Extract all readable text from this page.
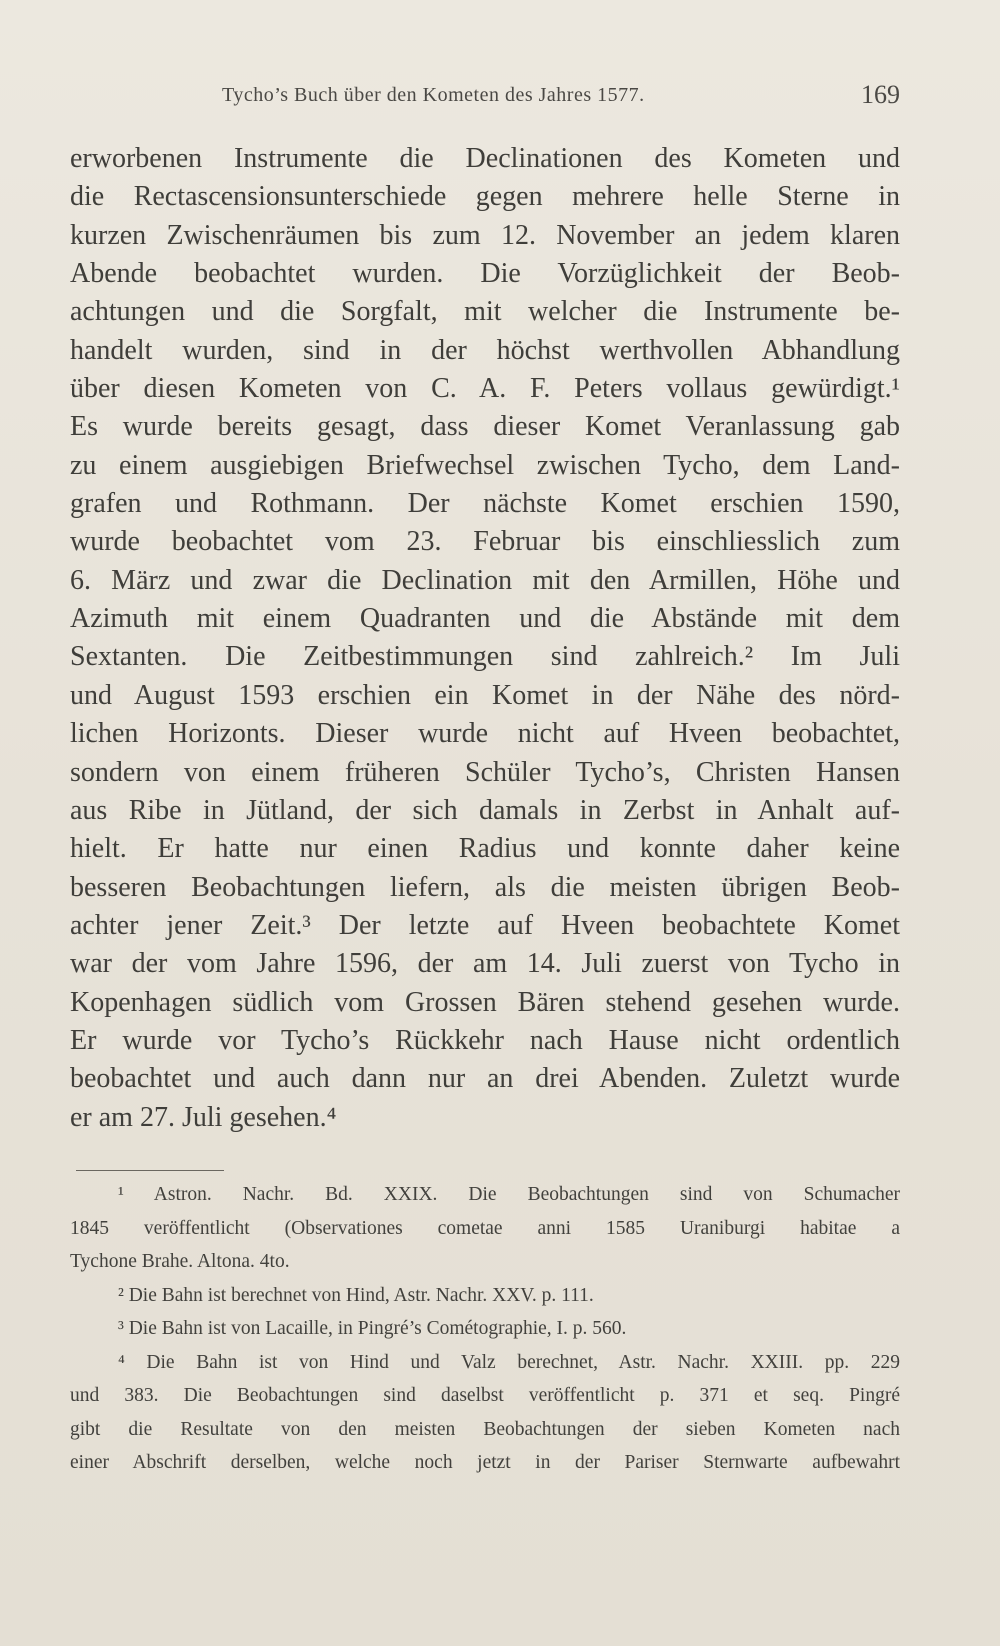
Tycho’s Buch über den Kometen des Jahres 1577.	169
erworbenen Instrumente die Declinationen des Kometen und
die Rectascensionsunterschiede gegen mehrere helle Sterne in
kurzen Zwischenräumen bis zum 12. November an jedem klaren
Abende beobachtet wurden. Die Vorzüglichkeit der Beob-
achtungen und die Sorgfalt, mit welcher die Instrumente be-
handelt wurden, sind in der höchst werthvollen Abhandlung
über diesen Kometen von C. A. F. Peters vollaus gewürdigt.¹
Es wurde bereits gesagt, dass dieser Komet Veranlassung gab
zu einem ausgiebigen Briefwechsel zwischen Tycho, dem Land-
grafen und Rothmann. Der nächste Komet erschien 1590,
wurde beobachtet vom 23. Februar bis einschliesslich zum
6. März und zwar die Declination mit den Armillen, Höhe und
Azimuth mit einem Quadranten und die Abstände mit dem
Sextanten. Die Zeitbestimmungen sind zahlreich.² Im Juli
und August 1593 erschien ein Komet in der Nähe des nörd-
lichen Horizonts. Dieser wurde nicht auf Hveen beobachtet,
sondern von einem früheren Schüler Tycho’s, Christen Hansen
aus Ribe in Jütland, der sich damals in Zerbst in Anhalt auf-
hielt. Er hatte nur einen Radius und konnte daher keine
besseren Beobachtungen liefern, als die meisten übrigen Beob-
achter jener Zeit.³ Der letzte auf Hveen beobachtete Komet
war der vom Jahre 1596, der am 14. Juli zuerst von Tycho in
Kopenhagen südlich vom Grossen Bären stehend gesehen wurde.
Er wurde vor Tycho’s Rückkehr nach Hause nicht ordentlich
beobachtet und auch dann nur an drei Abenden. Zuletzt wurde
er am 27. Juli gesehen.⁴
¹ Astron. Nachr. Bd. XXIX. Die Beobachtungen sind von Schumacher
1845 veröffentlicht (Observationes cometae anni 1585 Uraniburgi habitae a
Tychone Brahe. Altona. 4to.
² Die Bahn ist berechnet von Hind, Astr. Nachr. XXV. p. 111.
³ Die Bahn ist von Lacaille, in Pingré’s Cométographie, I. p. 560.
⁴ Die Bahn ist von Hind und Valz berechnet, Astr. Nachr. XXIII. pp. 229
und 383. Die Beobachtungen sind daselbst veröffentlicht p. 371 et seq. Pingré
gibt die Resultate von den meisten Beobachtungen der sieben Kometen nach
einer Abschrift derselben, welche noch jetzt in der Pariser Sternwarte aufbewahrt
